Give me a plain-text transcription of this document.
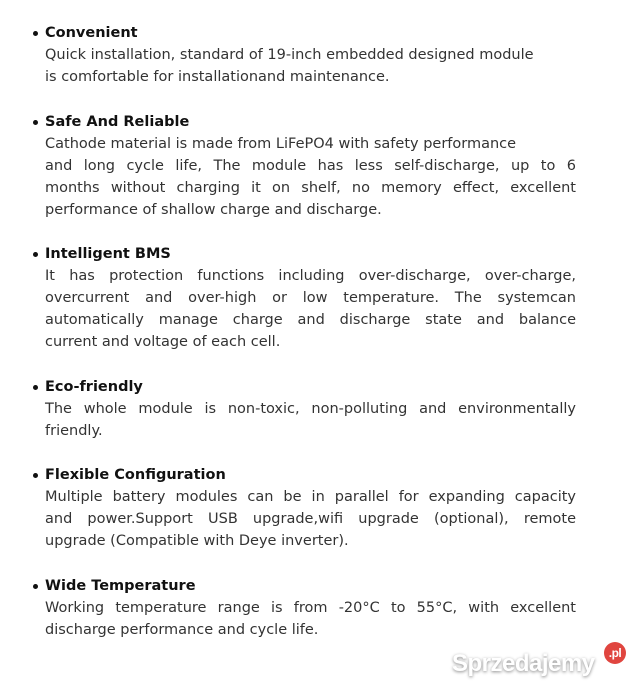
Convenient
Quick installation, standard of 19-inch embedded designed module
is comfortable for installationand maintenance.
Safe And Reliable
Cathode material is made from LiFePO4 with safety performance
and long cycle life, The module has less self-discharge, up to 6
months without charging it on shelf, no memory effect, excellent
performance of shallow charge and discharge.
Intelligent BMS
It has protection functions including over-discharge, over-charge,
overcurrent and over-high or low temperature. The systemcan
automatically manage charge and discharge state and balance
current and voltage of each cell.
Eco-friendly
The whole module is non-toxic, non-polluting and environmentally
friendly.
Flexible Configuration
Multiple battery modules can be in parallel for expanding capacity
and power.Support USB upgrade,wifi upgrade (optional), remote
upgrade (Compatible with Deye inverter).
Wide Temperature
Working temperature range is from -20°C to 55°C, with excellent
discharge performance and cycle life.
Sprzedajemy	.pl
